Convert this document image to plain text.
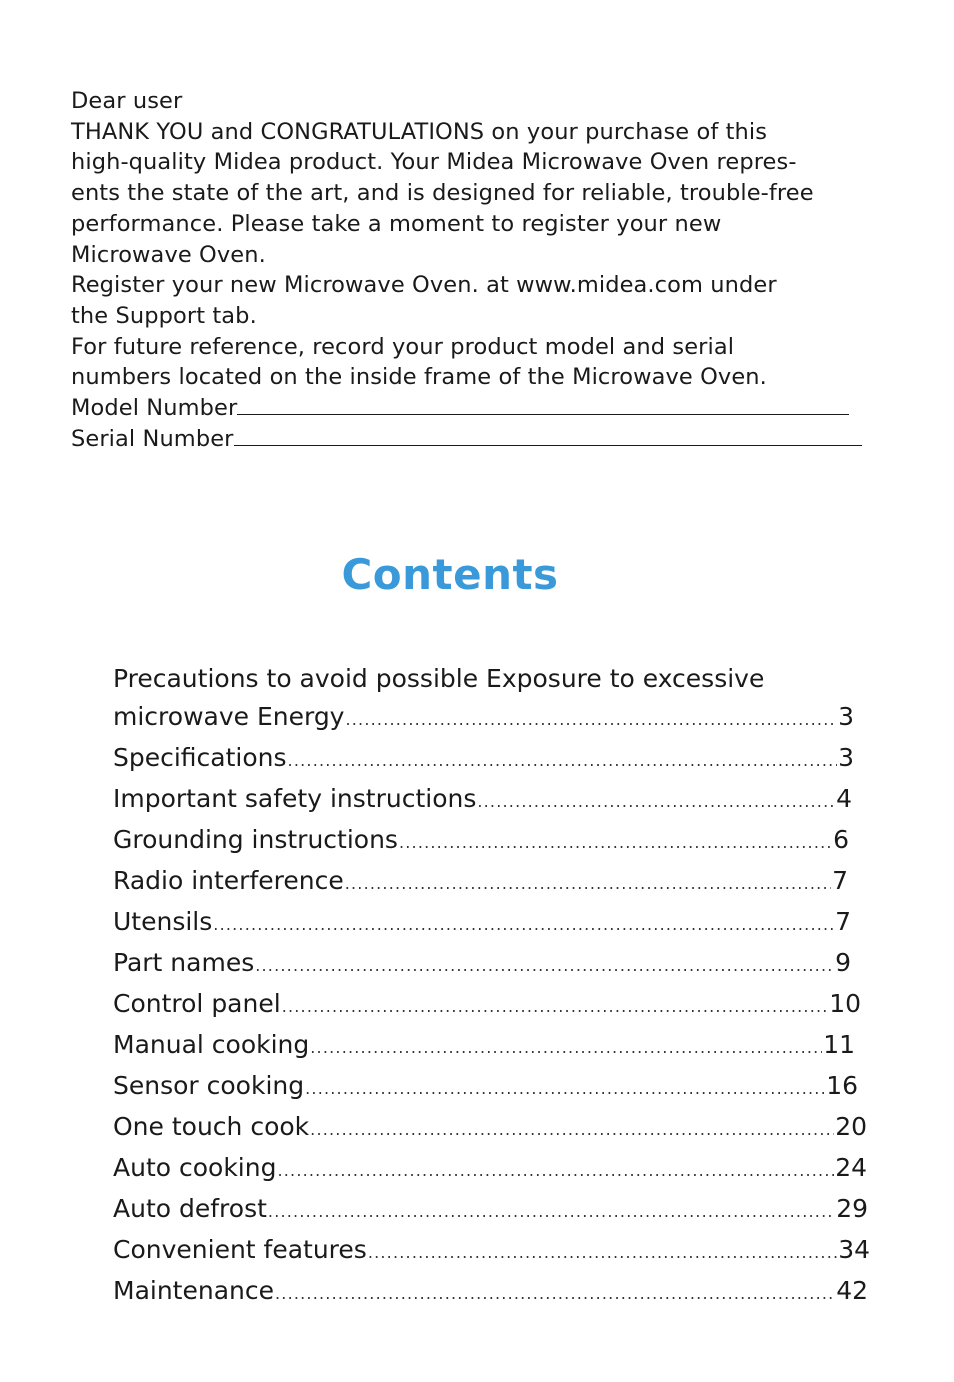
Dear user

THANK YOU and CONGRATULATIONS on your purchase of this

high-quality Midea product. Your Midea Microwave Oven repres-

ents the state of the art, and is designed for reliable, trouble-free

performance. Please take a moment to register your new

Microwave Oven.

Register your new Microwave Oven. at www.midea.com under

the Support tab.

For future reference, record your product model and serial

numbers located on the inside frame of the Microwave Oven.

Model Number

Serial Number

Contents
Precautions to avoid possible Exposure to excessive
microwave Energy .....	3
Specifications .....	3
Important safety instructions .....	4
Grounding instructions .....	6
Radio interference .....	7
Utensils .....	7
Part names .....	9
Control panel .....	10
Manual cooking .....	11
Sensor cooking .....	16
One touch cook .....	20
Auto cooking .....	24
Auto defrost .....	29
Convenient features .....	34
Maintenance .....	42
